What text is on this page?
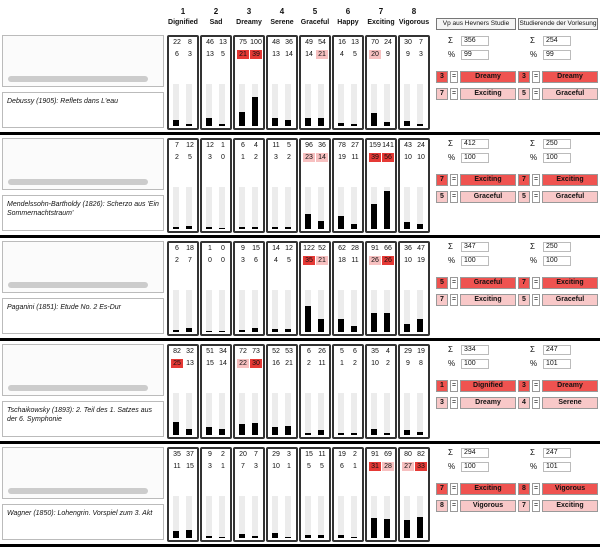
Vp aus Hevners Studie	Studierende der Vorlesung
1
Dignified
2
Sad
3
Dreamy
4
Serene
5
Graceful
6
Happy
7
Exciting
8
Vigorous
Debussy (1905): Reflets dans L'eau
22	8
6	3
46 13
13	5
75 100
21 39
48 36
13 14
49 54
14 21
16 13
4	5
70 24
20	9
30	7
9	3
Σ	356
%	99
3	=	Dreamy
7	=	Exciting
Σ	254
%	99
3	=	Dreamy
5	=	Graceful
Mendelssohn-Bartholdy (1826): Scherzo aus 'Ein Sommernachtstraum'
7	12
2	5
12	1
3	0
6	4
1	2
11	5
3	2
96 36
23 14
78 27
19 11
159 141
39 56
43 24
10 10
Σ	412
%	100
7	=	Exciting
5	=	Graceful
Σ	250
%	100
7	=	Exciting
5	=	Graceful
Paganini (1851): Etude No. 2 Es-Dur
6	18
2	7
1	0
0	0
9	15
3	6
14 12
4	5
122 52
35 21
62 28
18 11
91 66
26 26
36 47
10 19
Σ	347
%	100
5	=	Graceful
7	=	Exciting
Σ	250
%	100
7	=	Exciting
5	=	Graceful
Tschaikowsky (1893): 2. Teil des 1. Satzes aus der 6. Symphonie
82 32
25 13
51 34
15 14
72 73
22 30
52 53
16 21
6	26
2	11
5	6
1	2
35	4
10	2
29 19
9	8
Σ	334
%	100
1	=	Dignified
3	=	Dreamy
Σ	247
%	101
3	=	Dreamy
4	=	Serene
Wagner (1850): Lohengrin. Vorspiel zum 3. Akt
35 37
11 15
9	2
3	1
20	7
7	3
29	3
10	1
15 11
5	5
19	2
6	1
91 69
31 28
80 82
27 33
Σ	294
%	100
7	=	Exciting
8	=	Vigorous
Σ	247
%	101
8	=	Vigorous
7	=	Exciting
